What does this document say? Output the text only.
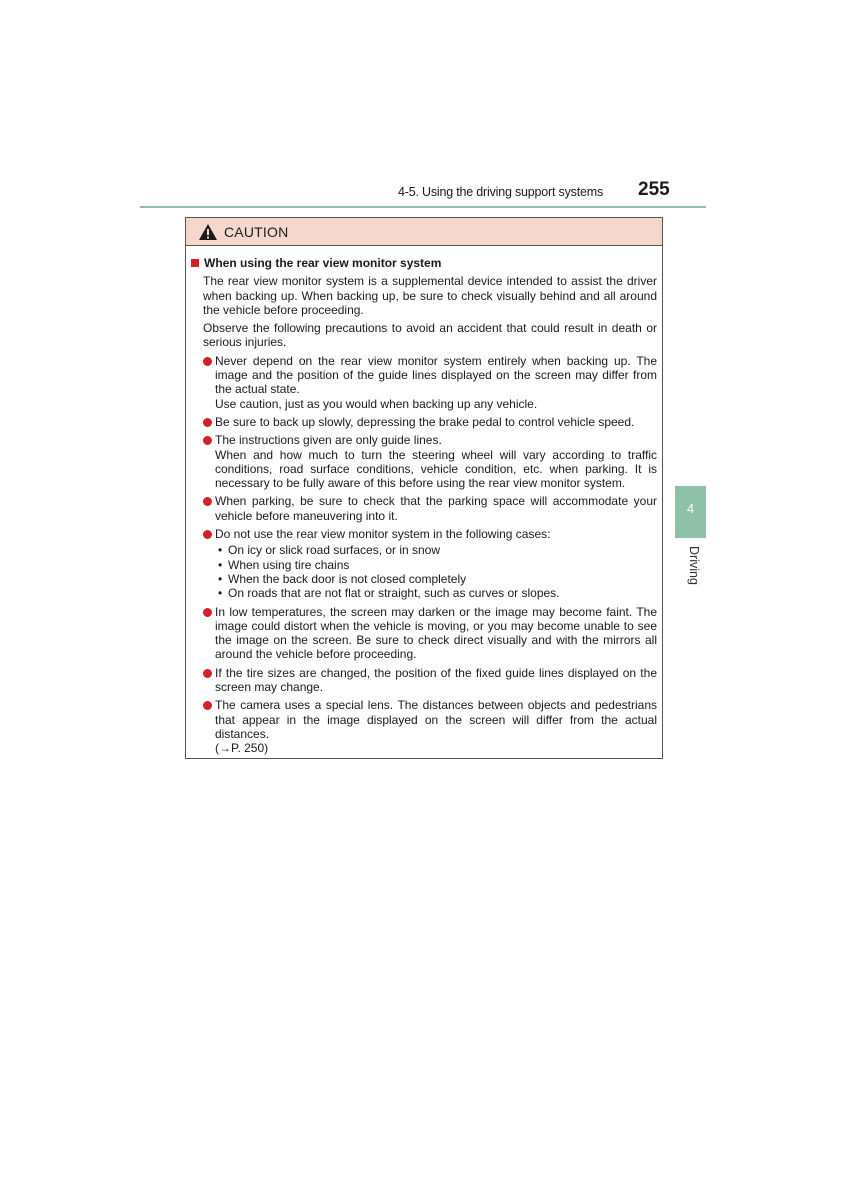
4-5. Using the driving support systems 255
4
Driving
CAUTION
When using the rear view monitor system
The rear view monitor system is a supplemental device intended to assist the driver when backing up. When backing up, be sure to check visually behind and all around the vehicle before proceeding.
Observe the following precautions to avoid an accident that could result in death or serious injuries.
Never depend on the rear view monitor system entirely when backing up. The image and the position of the guide lines displayed on the screen may differ from the actual state.
Use caution, just as you would when backing up any vehicle.
Be sure to back up slowly, depressing the brake pedal to control vehicle speed.
The instructions given are only guide lines.
When and how much to turn the steering wheel will vary according to traffic conditions, road surface conditions, vehicle condition, etc. when parking. It is necessary to be fully aware of this before using the rear view monitor system.
When parking, be sure to check that the parking space will accommodate your vehicle before maneuvering into it.
Do not use the rear view monitor system in the following cases:
• On icy or slick road surfaces, or in snow
• When using tire chains
• When the back door is not closed completely
• On roads that are not flat or straight, such as curves or slopes.
In low temperatures, the screen may darken or the image may become faint. The image could distort when the vehicle is moving, or you may become unable to see the image on the screen. Be sure to check direct visually and with the mirrors all around the vehicle before proceeding.
If the tire sizes are changed, the position of the fixed guide lines displayed on the screen may change.
The camera uses a special lens. The distances between objects and pedestrians that appear in the image displayed on the screen will differ from the actual distances.
(→P. 250)
